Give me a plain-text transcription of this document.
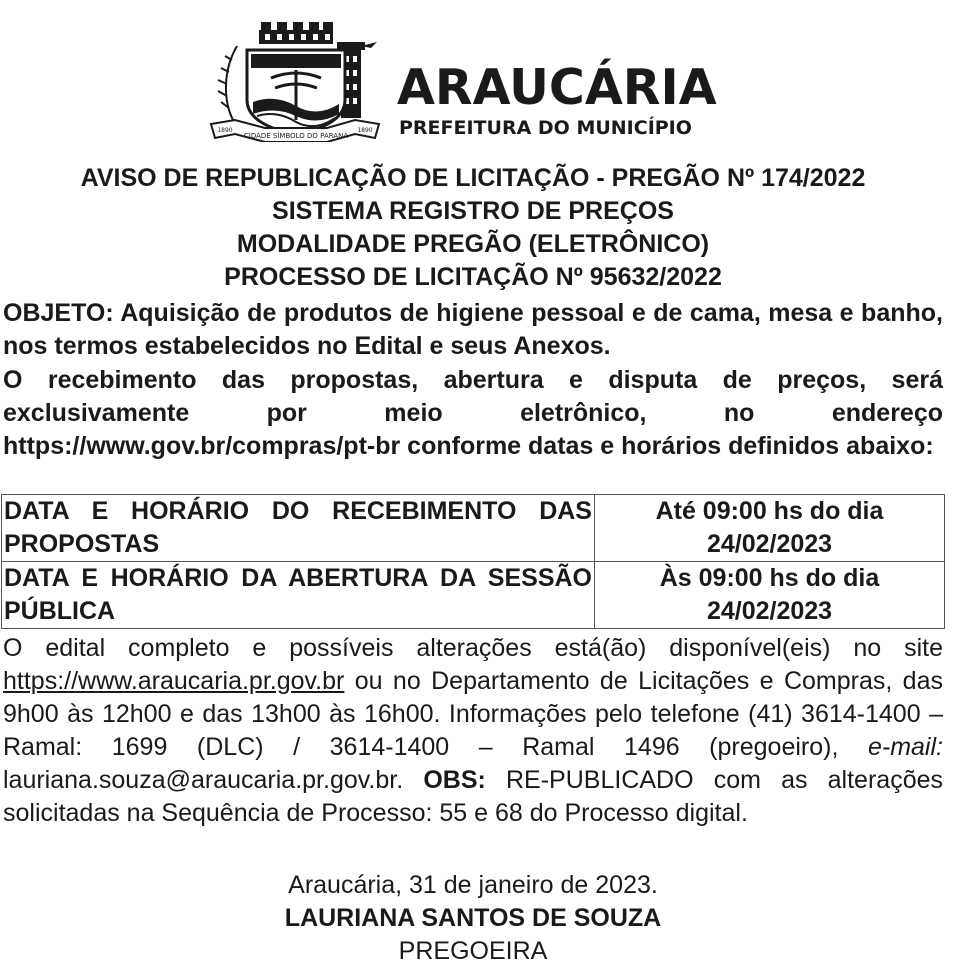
CIDADE SÍMBOLO DO PARANÁ
1890	1890
ARAUCÁRIA
PREFEITURA DO MUNICÍPIO
AVISO DE REPUBLICAÇÃO DE LICITAÇÃO - PREGÃO Nº 174/2022
SISTEMA REGISTRO DE PREÇOS
MODALIDADE PREGÃO (ELETRÔNICO)
PROCESSO DE LICITAÇÃO Nº 95632/2022

OBJETO: Aquisição de produtos de higiene pessoal e de cama, mesa e banho, nos termos estabelecidos no Edital e seus Anexos.

O recebimento das propostas, abertura e disputa de preços, será exclusivamente por meio eletrônico, no endereço https://www.gov.br/compras/pt-br conforme datas e horários definidos abaixo:

DATA E HORÁRIO DO RECEBIMENTO DAS PROPOSTAS	Até 09:00 hs do dia
24/02/2023

DATA E HORÁRIO DA ABERTURA DA SESSÃO PÚBLICA	Às 09:00 hs do dia
24/02/2023

O edital completo e possíveis alterações está(ão) disponível(eis) no site https://www.araucaria.pr.gov.br ou no Departamento de Licitações e Compras, das 9h00 às 12h00 e das 13h00 às 16h00. Informações pelo telefone (41) 3614-1400 – Ramal: 1699 (DLC) / 3614-1400 – Ramal 1496 (pregoeiro), e-mail: lauriana.souza@araucaria.pr.gov.br. OBS: RE-PUBLICADO com as alterações solicitadas na Sequência de Processo: 55 e 68 do Processo digital.

Araucária, 31 de janeiro de 2023.
LAURIANA SANTOS DE SOUZA
PREGOEIRA
